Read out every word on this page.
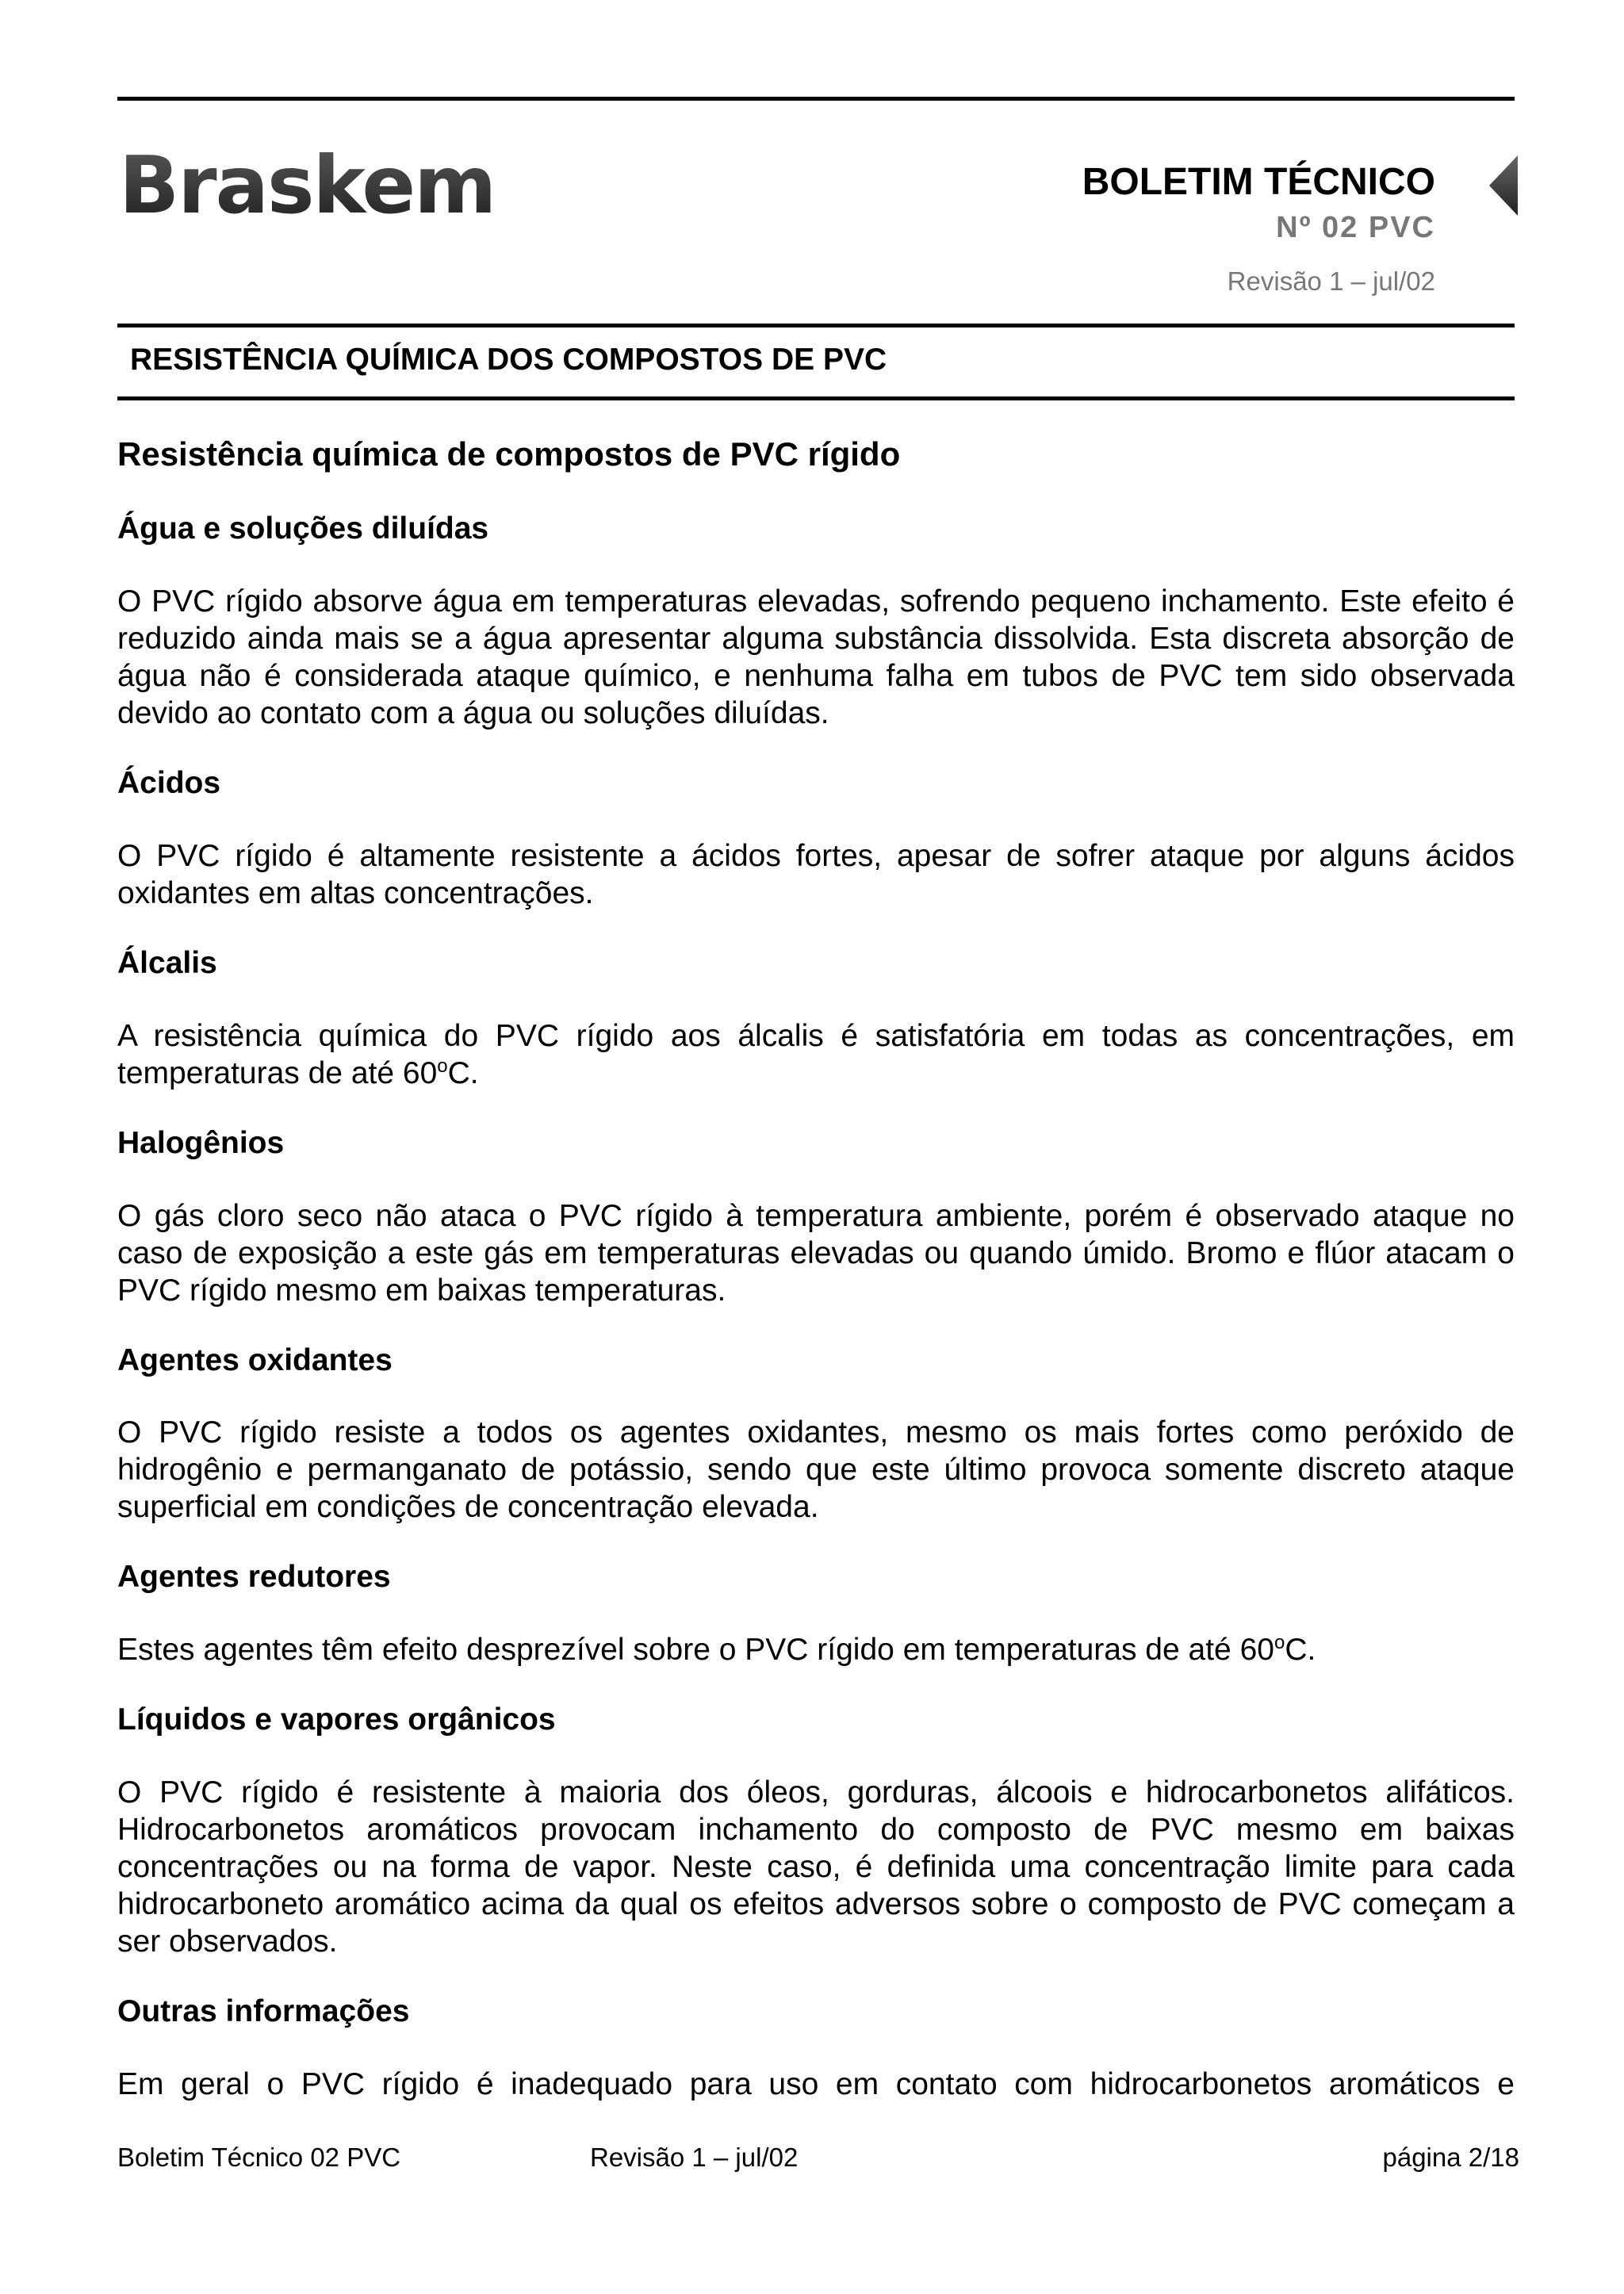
Braskem	BOLETIM TÉCNICO
Nº 02 PVC
Revisão 1 – jul/02
RESISTÊNCIA QUÍMICA DOS COMPOSTOS DE PVC
Resistência química de compostos de PVC rígido
Água e soluções diluídas

O PVC rígido absorve água em temperaturas elevadas, sofrendo pequeno inchamento. Este efeito é reduzido ainda mais se a água apresentar alguma substância dissolvida. Esta discreta absorção de água não é considerada ataque químico, e nenhuma falha em tubos de PVC tem sido observada devido ao contato com a água ou soluções diluídas.

Ácidos

O PVC rígido é altamente resistente a ácidos fortes, apesar de sofrer ataque por alguns ácidos oxidantes em altas concentrações.

Álcalis

A resistência química do PVC rígido aos álcalis é satisfatória em todas as concentrações, em temperaturas de até 60$^o$C.

Halogênios

O gás cloro seco não ataca o PVC rígido à temperatura ambiente, porém é observado ataque no caso de exposição a este gás em temperaturas elevadas ou quando úmido. Bromo e flúor atacam o PVC rígido mesmo em baixas temperaturas.

Agentes oxidantes

O PVC rígido resiste a todos os agentes oxidantes, mesmo os mais fortes como peróxido de hidrogênio e permanganato de potássio, sendo que este último provoca somente discreto ataque superficial em condições de concentração elevada.

Agentes redutores

Estes agentes têm efeito desprezível sobre o PVC rígido em temperaturas de até 60$^o$C.

Líquidos e vapores orgânicos

O PVC rígido é resistente à maioria dos óleos, gorduras, álcoois e hidrocarbonetos alifáticos. Hidrocarbonetos aromáticos provocam inchamento do composto de PVC mesmo em baixas concentrações ou na forma de vapor. Neste caso, é definida uma concentração limite para cada hidrocarboneto aromático acima da qual os efeitos adversos sobre o composto de PVC começam a ser observados.

Outras informações

Em geral o PVC rígido é inadequado para uso em contato com hidrocarbonetos aromáticos e

Boletim Técnico 02 PVC	Revisão 1 – jul/02	página 2/18
